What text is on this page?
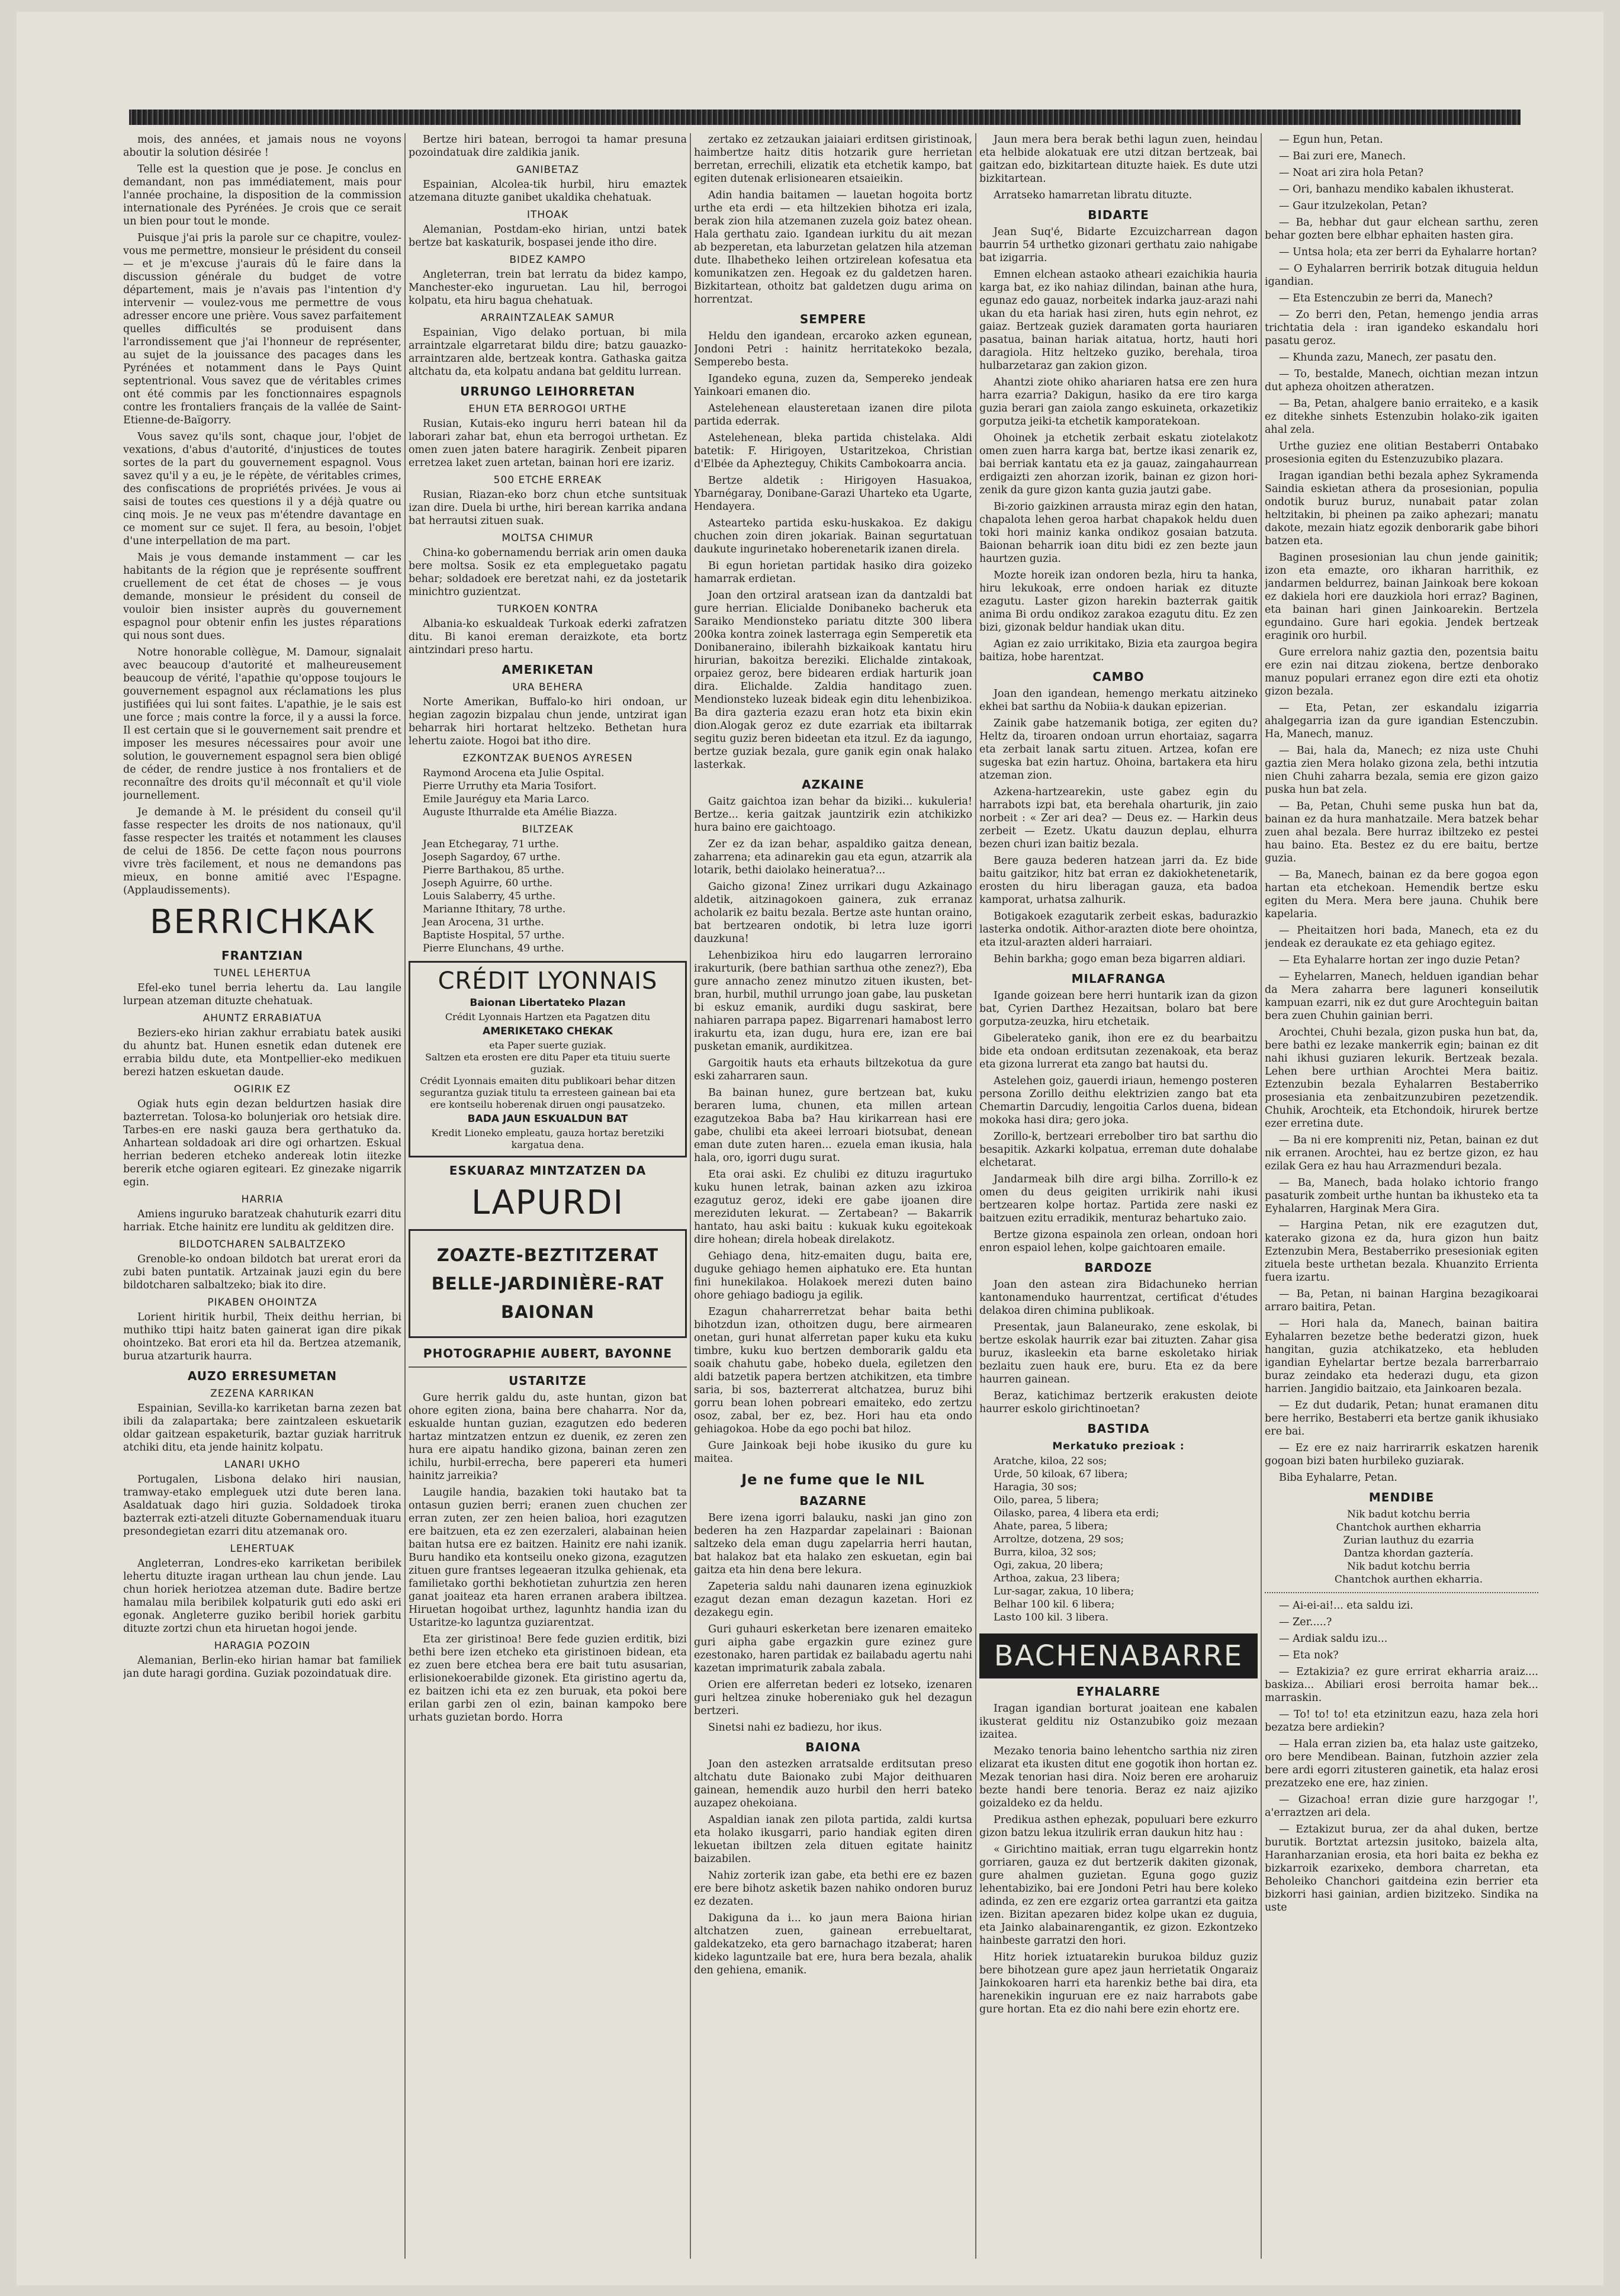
mois, des années, et jamais nous ne voyons aboutir la solution désirée !

Telle est la question que je pose. Je conclus en demandant, non pas immédiatement, mais pour l'année prochaine, la disposition de la commission internationale des Pyrénées. Je crois que ce serait un bien pour tout le monde.

Puisque j'ai pris la parole sur ce chapitre, voulez-vous me permettre, monsieur le président du conseil — et je m'excuse j'aurais dû le faire dans la discussion générale du budget de votre département, mais je n'avais pas l'intention d'y intervenir — voulez-vous me permettre de vous adresser encore une prière. Vous savez parfaitement quelles difficultés se produisent dans l'arrondissement que j'ai l'honneur de représenter, au sujet de la jouissance des pacages dans les Pyrénées et notamment dans le Pays Quint septentrional. Vous savez que de véritables crimes ont été commis par les fonctionnaires espagnols contre les frontaliers français de la vallée de Saint-Etienne-de-Baïgorry.

Vous savez qu'ils sont, chaque jour, l'objet de vexations, d'abus d'autorité, d'injustices de toutes sortes de la part du gouvernement espagnol. Vous savez qu'il y a eu, je le répète, de véritables crimes, des confiscations de propriétés privées. Je vous ai saisi de toutes ces questions il y a déjà quatre ou cinq mois. Je ne veux pas m'étendre davantage en ce moment sur ce sujet. Il fera, au besoin, l'objet d'une interpellation de ma part.

Mais je vous demande instamment — car les habitants de la région que je représente souffrent cruellement de cet état de choses — je vous demande, monsieur le président du conseil de vouloir bien insister auprès du gouvernement espagnol pour obtenir enfin les justes réparations qui nous sont dues.

Notre honorable collègue, M. Damour, signalait avec beaucoup d'autorité et malheureusement beaucoup de vérité, l'apathie qu'oppose toujours le gouvernement espagnol aux réclamations les plus justifiées qui lui sont faites. L'apathie, je le sais est une force ; mais contre la force, il y a aussi la force. Il est certain que si le gouvernement sait prendre et imposer les mesures nécessaires pour avoir une solution, le gouvernement espagnol sera bien obligé de céder, de rendre justice à nos frontaliers et de reconnaître des droits qu'il méconnaît et qu'il viole journellement.

Je demande à M. le président du conseil qu'il fasse respecter les droits de nos nationaux, qu'il fasse respecter les traités et notamment les clauses de celui de 1856. De cette façon nous pourrons vivre très facilement, et nous ne demandons pas mieux, en bonne amitié avec l'Espagne. (Applaudissements).

BERRICHKAK
FRANTZIAN
TUNEL LEHERTUA

Efel-eko tunel berria lehertu da. Lau langile lurpean atzeman dituzte chehatuak.

AHUNTZ ERRABIATUA

Beziers-eko hirian zakhur errabiatu batek ausiki du ahuntz bat. Hunen esnetik edan dutenek ere errabia bildu dute, eta Montpellier-eko medikuen berezi hatzen eskuetan daude.

OGIRIK EZ

Ogiak huts egin dezan beldurtzen hasiak dire bazterretan. Tolosa-ko bolunjeriak oro hetsiak dire. Tarbes-en ere naski gauza bera gerthatuko da. Anhartean soldadoak ari dire ogi orhartzen. Eskual herrian bederen etcheko andereak lotin iitezke bererik etche ogiaren egiteari. Ez ginezake nigarrik egin.

HARRIA

Amiens inguruko baratzeak chahuturik ezarri ditu harriak. Etche hainitz ere lunditu ak gelditzen dire.

BILDOTCHAREN SALBALTZEKO

Grenoble-ko ondoan bildotch bat urerat erori da zubi baten puntatik. Artzainak jauzi egin du bere bildotcharen salbaltzeko; biak ito dire.

PIKABEN OHOINTZA

Lorient hiritik hurbil, Theix deithu herrian, bi muthiko ttipi haitz baten gainerat igan dire pikak ohointzeko. Bat erori eta hil da. Bertzea atzemanik, burua atzarturik haurra.

AUZO ERRESUMETAN
ZEZENA KARRIKAN

Espainian, Sevilla-ko karriketan barna zezen bat ibili da zalapartaka; bere zaintzaleen eskuetarik oldar gaitzean espaketurik, baztar guziak harritruk atchiki ditu, eta jende hainitz kolpatu.

LANARI UKHO

Portugalen, Lisbona delako hiri nausian, tramway-etako empleguek utzi dute beren lana. Asaldatuak dago hiri guzia. Soldadoek tiroka bazterrak ezti-atzeli dituzte Gobernamenduak ituaru presondegietan ezarri ditu atzemanak oro.

LEHERTUAK

Angleterran, Londres-eko karriketan beribilek lehertu dituzte iragan urthean lau chun jende. Lau chun horiek heriotzea atzeman dute. Badire bertze hamalau mila beribilek kolpaturik guti edo aski eri egonak. Angleterre guziko beribil horiek garbitu dituzte zortzi chun eta hiruetan hogoi jende.

HARAGIA POZOIN

Alemanian, Berlin-eko hirian hamar bat familiek jan dute haragi gordina. Guziak pozoindatuak dire.

Bertze hiri batean, berrogoi ta hamar presuna pozoindatuak dire zaldikia janik.

GANIBETAZ

Espainian, Alcolea-tik hurbil, hiru emaztek atzemana dituzte ganibet ukaldika chehatuak.

ITHOAK

Alemanian, Postdam-eko hirian, untzi batek bertze bat kaskaturik, bospasei jende itho dire.

BIDEZ KAMPO

Angleterran, trein bat lerratu da bidez kampo, Manchester-eko inguruetan. Lau hil, berrogoi kolpatu, eta hiru bagua chehatuak.

ARRAINTZALEAK SAMUR

Espainian, Vigo delako portuan, bi mila arraintzale elgarretarat bildu dire; batzu gauazko-arraintzaren alde, bertzeak kontra. Gathaska gaitza altchatu da, eta kolpatu andana bat gelditu lurrean.

URRUNGO LEIHORRETAN
EHUN ETA BERROGOI URTHE

Rusian, Kutais-eko inguru herri batean hil da laborari zahar bat, ehun eta berrogoi urthetan. Ez omen zuen jaten batere haragirik. Zenbeit piparen erretzea laket zuen artetan, bainan hori ere izariz.

500 ETCHE ERREAK

Rusian, Riazan-eko borz chun etche suntsituak izan dire. Duela bi urthe, hiri berean karrika andana bat herrautsi zituen suak.

MOLTSA CHIMUR

China-ko gobernamendu berriak arin omen dauka bere moltsa. Sosik ez eta empleguetako pagatu behar; soldadoek ere beretzat nahi, ez da jostetarik minichtro guzientzat.

TURKOEN KONTRA

Albania-ko eskualdeak Turkoak ederki zafratzen ditu. Bi kanoi ereman deraizkote, eta bortz aintzindari preso hartu.

AMERIKETAN
URA BEHERA

Norte Amerikan, Buffalo-ko hiri ondoan, ur hegian zagozin bizpalau chun jende, untzirat igan beharrak hiri hortarat heltzeko. Bethetan hura lehertu zaiote. Hogoi bat itho dire.

EZKONTZAK BUENOS AYRESEN

Raymond Arocena eta Julie Ospital.

Pierre Urruthy eta Maria Tosifort.

Emile Jauréguy eta Maria Larco.

Auguste Ithurralde eta Amélie Biazza.

BILTZEAK

Jean Etchegaray, 71 urthe.

Joseph Sagardoy, 67 urthe.

Pierre Barthakou, 85 urthe.

Joseph Aguirre, 60 urthe.

Louis Salaberry, 45 urthe.

Marianne Ithitary, 78 urthe.

Jean Arocena, 31 urthe.

Baptiste Hospital, 57 urthe.

Pierre Elunchans, 49 urthe.

CRÉDIT LYONNAIS
Baionan Libertateko Plazan
Crédit Lyonnais Hartzen eta Pagatzen ditu
AMERIKETAKO CHEKAK
eta Paper suerte guziak.
Saltzen eta erosten ere ditu Paper eta tituiu suerte guziak.
Crédit Lyonnais emaiten ditu publikoari behar ditzen segurantza guziak titulu ta erresteen gainean bai eta ere kontseilu hoberenak diruen ongi pausatzeko.
BADA JAUN ESKUALDUN BAT
Kredit Lioneko empleatu, gauza hortaz beretziki kargatua dena.
ESKUARAZ MINTZATZEN DA
LAPURDI
ZOAZTE-BEZTITZERAT
BELLE-JARDINIÈRE-RAT
BAIONAN
PHOTOGRAPHIE AUBERT, BAYONNE
USTARITZE

Gure herrik galdu du, aste huntan, gizon bat ohore egiten ziona, baina bere chaharra. Nor da, eskualde huntan guzian, ezagutzen edo bederen hartaz mintzatzen entzun ez duenik, ez zeren zen hura ere aipatu handiko gizona, bainan zeren zen ichilu, hurbil-errecha, bere papereri eta humeri hainitz jarreikia?

Laugile handia, bazakien toki hautako bat ta ontasun guzien berri; eranen zuen chuchen zer erran zuten, zer zen heien balioa, hori ezagutzen ere baitzuen, eta ez zen ezerzaleri, alabainan heien baitan hutsa ere ez baitzen. Hainitz ere nahi izanik. Buru handiko eta kontseilu oneko gizona, ezagutzen zituen gure frantses legeaeran itzulka gehienak, eta familietako gorthi bekhotietan zuhurtzia zen heren ganat joaiteaz eta haren erranen arabera ibiltzea. Hiruetan hogoibat urthez, lagunhtz handia izan du Ustaritze-ko laguntza guziarentzat.

Eta zer giristinoa! Bere fede guzien erditik, bizi bethi bere izen etcheko eta giristinoen bidean, eta ez zuen bere etchea bera ere bait tutu asusarian, erlisionekoerabilde gizonek. Eta giristino agertu da, ez baitzen ichi eta ez zen buruak, eta pokoi bere erilan garbi zen ol ezin, bainan kampoko bere urhats guzietan bordo. Horra

zertako ez zetzaukan jaiaiari erditsen giristinoak, haimbertze haitz ditis hotzarik gure herrietan berretan, errechili, elizatik eta etchetik kampo, bat egiten dutenak erlisionearen etsaieikin.

Adin handia baitamen — lauetan hogoita bortz urthe eta erdi — eta hiltzekien bihotza eri izala, berak zion hila atzemanen zuzela goiz batez ohean. Hala gerthatu zaio. Igandean iurkitu du ait mezan ab bezperetan, eta laburzetan gelatzen hila atzeman dute. Ilhabetheko leihen ortzirelean kofesatua eta komunikatzen zen. Hegoak ez du galdetzen haren. Bizkitartean, othoitz bat galdetzen dugu arima on horrentzat.

SEMPERE

Heldu den igandean, ercaroko azken egunean, Jondoni Petri : hainitz herritatekoko bezala, Semperebo besta.

Igandeko eguna, zuzen da, Sempereko jendeak Yainkoari emanen dio.

Astelehenean elausteretaan izanen dire pilota partida ederrak.

Astelehenean, bleka partida chistelaka. Aldi batetik: F. Hirigoyen, Ustaritzekoa, Christian d'Elbée da Aphezteguy, Chikits Cambokoarra ancia.

Bertze aldetik : Hirigoyen Hasuakoa, Ybarnégaray, Donibane-Garazi Uharteko eta Ugarte, Hendayera.

Astearteko partida esku-huskakoa. Ez dakigu chuchen zoin diren jokariak. Bainan segurtatuan daukute ingurinetako hoberenetarik izanen direla.

Bi egun horietan partidak hasiko dira goizeko hamarrak erdietan.

Joan den ortziral aratsean izan da dantzaldi bat gure herrian. Elicialde Donibaneko bacheruk eta Saraiko Mendionsteko pariatu ditzte 300 libera 200ka kontra zoinek lasterraga egin Semperetik eta Donibaneraino, ibilerahh bizkaikoak kantatu hiru hirurian, bakoitza bereziki. Elichalde zintakoak, orpaiez geroz, bere bidearen erdiak harturik joan dira. Elichalde. Zaldia handitago zuen. Mendionsteko luzeak bideak egin ditu lehenbizikoa. Ba dira gazteria ezazu eran hotz eta bixin ekin dion.Alogak geroz ez dute ezarriak eta ibiltarrak segitu guziz beren bideetan eta itzul. Ez da iagungo, bertze guziak bezala, gure ganik egin onak halako lasterkak.

AZKAINE

Gaitz gaichtoa izan behar da biziki... kukuleria! Bertze... keria gaitzak jauntzirik ezin atchikizko hura baino ere gaichtoago.

Zer ez da izan behar, aspaldiko gaitza denean, zaharrena; eta adinarekin gau eta egun, atzarrik ala lotarik, bethi daiolako heineratua?...

Gaicho gizona! Zinez urrikari dugu Azkainago aldetik, aitzinagokoen gainera, zuk erranaz acholarik ez baitu bezala. Bertze aste huntan oraino, bat bertzearen ondotik, bi letra luze igorri dauzkuna!

Lehenbizikoa hiru edo laugarren lerroraino irakurturik, (bere bathian sarthua othe zenez?), Eba gure annacho zenez minutzo zituen ikusten, bet-bran, hurbil, muthil urrungo joan gabe, lau pusketan bi eskuz emanik, aurdiki dugu saskirat, bere nahiaren parrapa papez. Bigarrenari hamabost lerro irakurtu eta, izan dugu, hura ere, izan ere bai pusketan emanik, aurdikitzea.

Gargoitik hauts eta erhauts biltzekotua da gure eski zaharraren saun.

Ba bainan hunez, gure bertzean bat, kuku beraren luma, chunen, eta millen artean ezagutzekoa Baba ba? Hau kirikarrean hasi ere gabe, chulibi eta akeei lerroari biotsubat, denean eman dute zuten haren... ezuela eman ikusia, hala hala, oro, igorri dugu surat.

Eta orai aski. Ez chulibi ez dituzu iragurtuko kuku hunen letrak, bainan azken azu izkiroa ezagutuz geroz, ideki ere gabe ijoanen dire mereziduten lekurat. — Zertabean? — Bakarrik hantato, hau aski baitu : kukuak kuku egoitekoak dire hohean; direla hobeak direlakotz.

Gehiago dena, hitz-emaiten dugu, baita ere, duguke gehiago hemen aiphatuko ere. Eta huntan fini hunekilakoa. Holakoek merezi duten baino ohore gehiago badiogu ja egilik.

Ezagun chaharrerretzat behar baita bethi bihotzdun izan, othoitzen dugu, bere airmearen onetan, guri hunat alferretan paper kuku eta kuku timbre, kuku kuo bertzen demborarik galdu eta soaik chahutu gabe, hobeko duela, egiletzen den aldi batzetik papera bertzen atchikitzen, eta timbre saria, bi sos, bazterrerat altchatzea, buruz bihi gorru bean lohen pobreari emaiteko, edo zertzu osoz, zabal, ber ez, bez. Hori hau eta ondo gehiagokoa. Hobe da ego pochi bat hiloz.

Gure Jainkoak beji hobe ikusiko du gure ku maitea.

Je ne fume que le NIL
BAZARNE

Bere izena igorri balauku, naski jan gino zon bederen ha zen Hazpardar zapelainari : Baionan saltzeko dela eman dugu zapelarria herri hautan, bat halakoz bat eta halako zen eskuetan, egin bai gaitza eta hin dena bere lekura.

Zapeteria saldu nahi daunaren izena eginuzkiok ezagut dezan eman dezagun kazetan. Hori ez dezakegu egin.

Guri guhauri eskerketan bere izenaren emaiteko guri aipha gabe ergazkin gure ezinez gure ezestonako, haren partidak ez bailabadu agertu nahi kazetan imprimaturik zabala zabala.

Orien ere alferretan bederi ez lotseko, izenaren guri heltzea zinuke hobereniako guk hel dezagun bertzeri.

Sinetsi nahi ez badiezu, hor ikus.

BAIONA

Joan den astezken arratsalde erditsutan preso altchatu dute Baionako zubi Major deithuaren gainean, hemendik auzo hurbil den herri bateko auzapez ohekoiana.

Aspaldian ianak zen pilota partida, zaldi kurtsa eta holako ikusgarri, pario handiak egiten diren lekuetan ibiltzen zela dituen egitate hainitz baizabilen.

Nahiz zorterik izan gabe, eta bethi ere ez bazen ere bere bihotz asketik bazen nahiko ondoren buruz ez dezaten.

Dakiguna da i... ko jaun mera Baiona hirian altchatzen zuen, gainean errebueltarat, galdekatzeko, eta gero barnachago itzaberat; haren kideko laguntzaile bat ere, hura bera bezala, ahalik den gehiena, emanik.

Jaun mera bera berak bethi lagun zuen, heindau eta helbide alokatuak ere utzi ditzan bertzeak, bai gaitzan edo, bizkitartean dituzte haiek. Es dute utzi bizkitartean.

Arratseko hamarretan libratu dituzte.

BIDARTE

Jean Suq'é, Bidarte Ezcuizcharrean dagon baurrin 54 urthetko gizonari gerthatu zaio nahigabe bat izigarria.

Emnen elchean astaoko atheari ezaichikia hauria karga bat, ez iko nahiaz dilindan, bainan athe hura, egunaz edo gauaz, norbeitek indarka jauz-arazi nahi ukan du eta hariak hasi ziren, huts egin nehrot, ez gaiaz. Bertzeak guziek daramaten gorta hauriaren pasatua, bainan hariak aitatua, hortz, hauti hori daragiola. Hitz heltzeko guziko, berehala, tiroa hulbarzetaraz gan zakion gizon.

Ahantzi ziote ohiko ahariaren hatsa ere zen hura harra ezarria? Dakigun, hasiko da ere tiro karga guzia berari gan zaiola zango eskuineta, orkazetikiz gorputza jeiki-ta etchetik kamporatekoan.

Ohoinek ja etchetik zerbait eskatu ziotelakotz omen zuen harra karga bat, bertze ikasi zenarik ez, bai berriak kantatu eta ez ja gauaz, zaingahaurrean erdigaizti zen ahorzan izorik, bainan ez gizon hori-zenik da gure gizon kanta guzia jautzi gabe.

Bi-zorio gaizkinen arrausta miraz egin den hatan, chapalota lehen geroa harbat chapakok heldu duen toki hori mainiz kanka ondikoz gosaian batzuta. Baionan beharrik ioan ditu bidi ez zen bezte jaun haurtzen guzia.

Mozte horeik izan ondoren bezla, hiru ta hanka, hiru lekukoak, erre ondoen hariak ez dituzte ezagutu. Laster gizon harekin bazterrak gaitik anima Bi ordu ondikoz zarakoa ezagutu ditu. Ez zen bizi, gizonak beldur handiak ukan ditu.

Agian ez zaio urrikitako, Bizia eta zaurgoa begira baitiza, hobe harentzat.

CAMBO

Joan den igandean, hemengo merkatu aitzineko ekhei bat sarthu da Nobiia-k daukan epizerian.

Zainik gabe hatzemanik botiga, zer egiten du? Heltz da, tiroaren ondoan urrun ehortaiaz, sagarra eta zerbait lanak sartu zituen. Artzea, kofan ere sugeska bat ezin hartuz. Ohoina, bartakera eta hiru atzeman zion.

Azkena-hartzearekin, uste gabez egin du harrabots izpi bat, eta berehala oharturik, jin zaio norbeit : « Zer ari dea? — Deus ez. — Harkin deus zerbeit — Ezetz. Ukatu dauzun deplau, elhurra bezen churi izan baitiz bezala.

Bere gauza bederen hatzean jarri da. Ez bide baitu gaitzikor, hitz bat erran ez dakiokhetenetarik, erosten du hiru liberagan gauza, eta badoa kamporat, urhatsa zalhurik.

Botigakoek ezagutarik zerbeit eskas, badurazkio lasterka ondotik. Aithor-arazten diote bere ohointza, eta itzul-arazten alderi harraiari.

Behin barkha; gogo eman beza bigarren aldiari.

MILAFRANGA

Igande goizean bere herri huntarik izan da gizon bat, Cyrien Darthez Hezaitsan, bolaro bat bere gorputza-zeuzka, hiru etchetaik.

Gibelerateko ganik, ihon ere ez du bearbaitzu bide eta ondoan erditsutan zezenakoak, eta beraz eta gizona lurrerat eta zango bat hautsi du.

Astelehen goiz, gauerdi iriaun, hemengo posteren persona Zorillo deithu elektrizien zango bat eta Chemartin Darcudiy, lengoitia Carlos duena, bidean mokoka hasi dira; gero joka.

Zorillo-k, bertzeari errebolber tiro bat sarthu dio besapitik. Azkarki kolpatua, erreman dute dohalabe elchetarat.

Jandarmeak bilh dire argi bilha. Zorrillo-k ez omen du deus geigiten urrikirik nahi ikusi bertzearen kolpe hortaz. Partida zere naski ez baitzuen ezitu erradikik, menturaz behartuko zaio.

Bertze gizona espainola zen orlean, ondoan hori enron espaiol lehen, kolpe gaichtoaren emaile.

BARDOZE

Joan den astean zira Bidachuneko herrian kantonamenduko haurrentzat, certificat d'études delakoa diren chimina publikoak.

Presentak, jaun Balaneurako, zene eskolak, bi bertze eskolak haurrik ezar bai zituzten. Zahar gisa buruz, ikasleekin eta barne eskoletako hiriak bezlaitu zuen hauk ere, buru. Eta ez da bere haurren gainean.

Beraz, katichimaz bertzerik erakusten deiote haurrer eskolo girichtinoetan?

BASTIDA
Merkatuko prezioak :

Aratche, kiloa, 22 sos;

Urde, 50 kiloak, 67 libera;

Haragia, 30 sos;

Oilo, parea, 5 libera;

Oilasko, parea, 4 libera eta erdi;

Ahate, parea, 5 libera;

Arroltze, dotzena, 29 sos;

Burra, kiloa, 32 sos;

Ogi, zakua, 20 libera;

Arthoa, zakua, 23 libera;

Lur-sagar, zakua, 10 libera;

Belhar 100 kil. 6 libera;

Lasto 100 kil. 3 libera.

BACHENABARRE
EYHALARRE

Iragan igandian borturat joaitean ene kabalen ikusterat gelditu niz Ostanzubiko goiz mezaan izaitea.

Mezako tenoria baino lehentcho sarthia niz ziren elizarat eta ikusten ditut ene gogotik ihon hortan ez. Mezak tenorian hasi dira. Noiz beren ere aroharuiz bezte handi bere tenoria. Beraz ez naiz ajiziko goizaldeko ez da heldu.

Predikua asthen ephezak, populuari bere ezkurro gizon batzu lekua itzulirik erran daukun hitz hau :

« Girichtino maitiak, erran tugu elgarrekin hontz gorriaren, gauza ez dut bertzerik dakiten gizonak, gure ahalmen guzietan. Eguna gogo guziz lehentabiziko, bai ere Jondoni Petri hau bere koleko adinda, ez zen ere ezgariz ortea garrantzi eta gaitza izen. Bizitan apezaren bidez kolpe ukan ez duguia, eta Jainko alabainarengantik, ez gizon. Ezkontzeko hainbeste garratzi den hori.

Hitz horiek iztuatarekin burukoa bilduz guziz bere bihotzean gure apez jaun herrietatik Ongaraiz Jainkokoaren harri eta harenkiz bethe bai dira, eta harenekikin inguruan ere ez naiz harrabots gabe gure hortan. Eta ez dio nahi bere ezin ehortz ere.

— Egun hun, Petan.

— Bai zuri ere, Manech.

— Noat ari zira hola Petan?

— Ori, banhazu mendiko kabalen ikhusterat.

— Gaur itzulzekolan, Petan?

— Ba, hebhar dut gaur elchean sarthu, zeren behar gozten bere elbhar ephaiten hasten gira.

— Untsa hola; eta zer berri da Eyhalarre hortan?

— O Eyhalarren berririk botzak dituguia heldun igandian.

— Eta Estenczubin ze berri da, Manech?

— Zo berri den, Petan, hemengo jendia arras trichtatia dela : iran igandeko eskandalu hori pasatu geroz.

— Khunda zazu, Manech, zer pasatu den.

— To, bestalde, Manech, oichtian mezan intzun dut apheza ohoitzen atheratzen.

— Ba, Petan, ahalgere banio erraiteko, e a kasik ez ditekhe sinhets Estenzubin holako-zik igaiten ahal zela.

Urthe guziez ene olitian Bestaberri Ontabako prosesionia egiten du Estenzuzubiko plazara.

Iragan igandian bethi bezala aphez Sykramenda Saindia eskietan athera da prosesionian, populia ondotik buruz buruz, nunabait patar zolan heltzitakin, bi pheinen pa zaiko aphezari; manatu dakote, mezain hiatz egozik denborarik gabe bihori batzen eta.

Baginen prosesionian lau chun jende gainitik; izon eta emazte, oro ikharan harrithik, ez jandarmen beldurrez, bainan Jainkoak bere kokoan ez dakiela hori ere dauzkiola hori erraz? Baginen, eta bainan hari ginen Jainkoarekin. Bertzela egundaino. Gure hari egokia. Jendek bertzeak eraginik oro hurbil.

Gure errelora nahiz gaztia den, pozentsia baitu ere ezin nai ditzau ziokena, bertze denborako manuz populari erranez egon dire ezti eta ohotiz gizon bezala.

— Eta, Petan, zer eskandalu izigarria ahalgegarria izan da gure igandian Estenczubin. Ha, Manech, manuz.

— Bai, hala da, Manech; ez niza uste Chuhi gaztia zien Mera holako gizona zela, bethi intzutia nien Chuhi zaharra bezala, semia ere gizon gaizo puska hun bat zela.

— Ba, Petan, Chuhi seme puska hun bat da, bainan ez da hura manhatzaile. Mera batzek behar zuen ahal bezala. Bere hurraz ibiltzeko ez pestei hau baino. Eta. Bestez ez du ere baitu, bertze guzia.

— Ba, Manech, bainan ez da bere gogoa egon hartan eta etchekoan. Hemendik bertze esku egiten du Mera. Mera bere jauna. Chuhik bere kapelaria.

— Pheitaitzen hori bada, Manech, eta ez du jendeak ez deraukate ez eta gehiago egitez.

— Eta Eyhalarre hortan zer ingo duzie Petan?

— Eyhelarren, Manech, helduen igandian behar da Mera zaharra bere laguneri konseilutik kampuan ezarri, nik ez dut gure Arochteguin baitan bera zuen Chuhin gainian berri.

Arochtei, Chuhi bezala, gizon puska hun bat, da, bere bathi ez lezake mankerrik egin; bainan ez dit nahi ikhusi guziaren lekurik. Bertzeak bezala. Lehen bere urthian Arochtei Mera baitiz. Eztenzubin bezala Eyhalarren Bestaberriko prosesiania eta zenbaitzunzubiren pezetzendik. Chuhik, Arochteik, eta Etchondoik, hirurek bertze ezer erretina dute.

— Ba ni ere kompreniti niz, Petan, bainan ez dut nik erranen. Arochtei, hau ez bertze gizon, ez hau ezilak Gera ez hau hau Arrazmenduri bezala.

— Ba, Manech, bada holako ichtorio frango pasaturik zombeit urthe huntan ba ikhusteko eta ta Eyhalarren, Harginak Mera Gira.

— Hargina Petan, nik ere ezagutzen dut, katerako gizona ez da, hura gizon hun baitz Eztenzubin Mera, Bestaberriko presesioniak egiten zituela beste urthetan bezala. Khuanzito Errienta fuera izartu.

— Ba, Petan, ni bainan Hargina bezagikoarai arraro baitira, Petan.

— Hori hala da, Manech, bainan baitira Eyhalarren bezetze bethe bederatzi gizon, huek hangitan, guzia atchikatzeko, eta hebluden igandian Eyhelartar bertze bezala barrerbarraio buraz zeindako eta hederazi dugu, eta gizon harrien. Jangidio baitzaio, eta Jainkoaren bezala.

— Ez dut dudarik, Petan; hunat eramanen ditu bere herriko, Bestaberri eta bertze ganik ikhusiako ere bai.

— Ez ere ez naiz harrirarrik eskatzen harenik gogoan bizi baten hurbileko guziarak.

Biba Eyhalarre, Petan.

MENDIBE

Nik badut kotchu berria

Chantchok aurthen ekharria

Zurian lauthuz du ezarria

Dantza khordan gaztería.

Nik badut kotchu berria

Chantchok aurthen ekharria.

— Ai-ei-ai!... eta saldu izi.

— Zer.....?

— Ardiak saldu izu...

— Eta nok?

— Eztakizia? ez gure errirat ekharria araiz.... baskiza... Abiliari erosi berroita hamar bek... marraskin.

— To! to! to! eta etzinitzun eazu, haza zela hori bezatza bere ardiekin?

— Hala erran zizien ba, eta halaz uste gaitzeko, oro bere Mendibean. Bainan, futzhoin azzier zela bere ardi egorri zitusteren gainetik, eta halaz erosi prezatzeko ene ere, haz zinien.

— Gizachoa! erran dizie gure harzgogar !', a'erraztzen ari dela.

— Eztakizut burua, zer da ahal duken, bertze burutik. Bortztat artezsin jusitoko, baizela alta, Haranharzanian erosia, eta hori baita ez bekha ez bizkarroik ezarixeko, dembora charretan, eta Beholeiko Chanchori gaitdeina ezin berrier eta bizkorri hasi gainian, ardien bizitzeko. Sindika na uste
